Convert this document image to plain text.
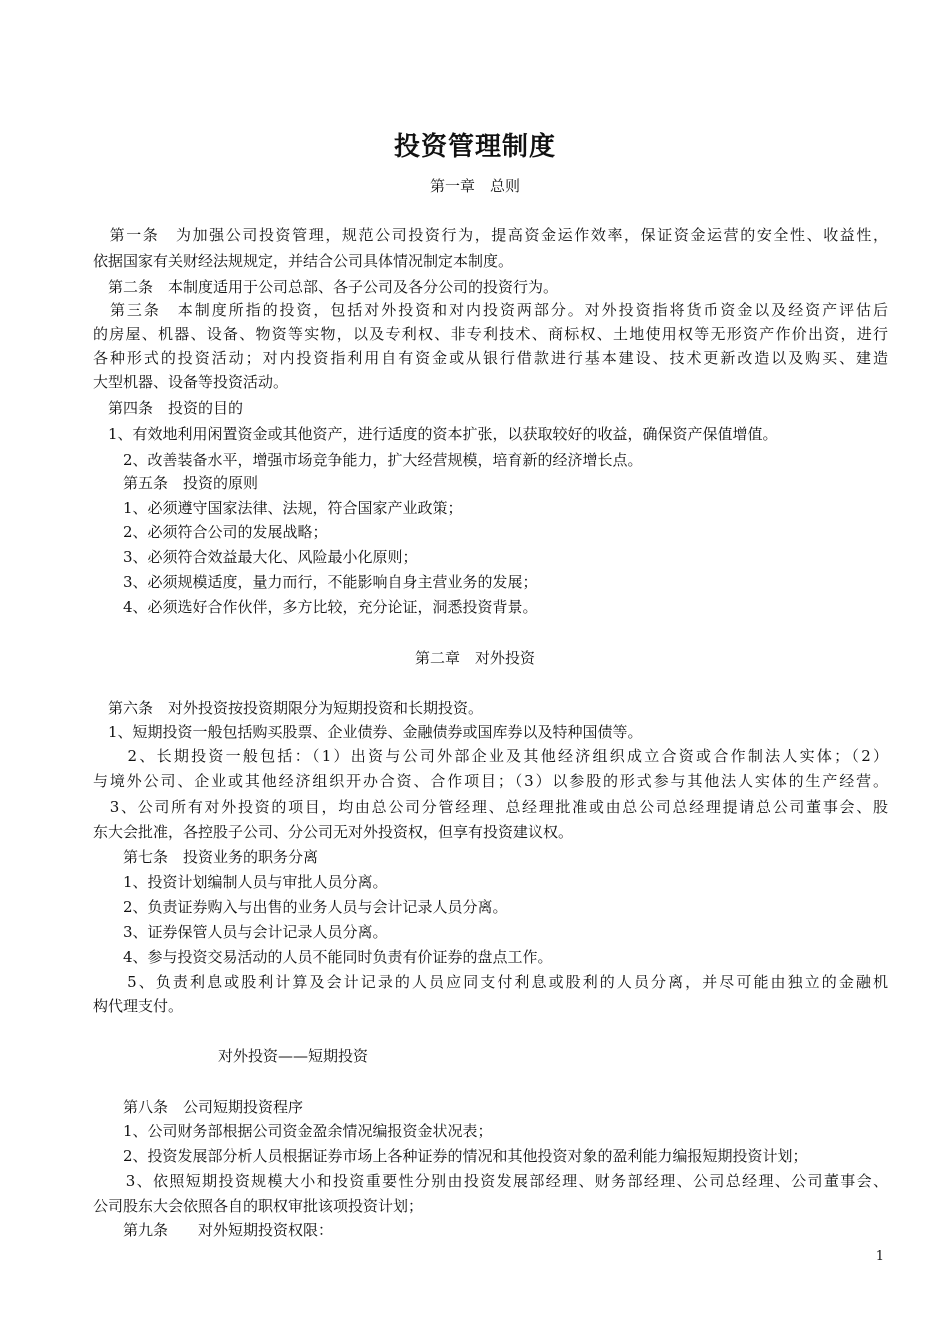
投资管理制度
第一章　总则
　第一条　为加强公司投资管理，规范公司投资行为，提高资金运作效率，保证资金运营的安全性、收益性，
依据国家有关财经法规规定，并结合公司具体情况制定本制度。
　第二条　本制度适用于公司总部、各子公司及各分公司的投资行为。
　第三条　本制度所指的投资，包括对外投资和对内投资两部分。对外投资指将货币资金以及经资产评估后
的房屋、机器、设备、物资等实物，以及专利权、非专利技术、商标权、土地使用权等无形资产作价出资，进行
各种形式的投资活动；对内投资指利用自有资金或从银行借款进行基本建设、技术更新改造以及购买、建造
大型机器、设备等投资活动。
　第四条　投资的目的
　1、有效地利用闲置资金或其他资产，进行适度的资本扩张，以获取较好的收益，确保资产保值增值。
　　2、改善装备水平，增强市场竞争能力，扩大经营规模，培育新的经济增长点。
　　第五条　投资的原则
　　1、必须遵守国家法律、法规，符合国家产业政策；
　　2、必须符合公司的发展战略；
　　3、必须符合效益最大化、风险最小化原则；
　　3、必须规模适度，量力而行，不能影响自身主营业务的发展；
　　4、必须选好合作伙伴，多方比较，充分论证，洞悉投资背景。
第二章　对外投资
　第六条　对外投资按投资期限分为短期投资和长期投资。
　1、短期投资一般包括购买股票、企业债券、金融债券或国库券以及特种国债等。
　　2、长期投资一般包括：（1）出资与公司外部企业及其他经济组织成立合资或合作制法人实体；（2）
与境外公司、企业或其他经济组织开办合资、合作项目；（3）以参股的形式参与其他法人实体的生产经营。
　3、公司所有对外投资的项目，均由总公司分管经理、总经理批准或由总公司总经理提请总公司董事会、股
东大会批准，各控股子公司、分公司无对外投资权，但享有投资建议权。
　　第七条　投资业务的职务分离
　　1、投资计划编制人员与审批人员分离。
　　2、负责证券购入与出售的业务人员与会计记录人员分离。
　　3、证券保管人员与会计记录人员分离。
　　4、参与投资交易活动的人员不能同时负责有价证券的盘点工作。
　　5、负责利息或股利计算及会计记录的人员应同支付利息或股利的人员分离，并尽可能由独立的金融机
构代理支付。
对外投资——短期投资
　　第八条　公司短期投资程序
　　1、公司财务部根据公司资金盈余情况编报资金状况表；
　　2、投资发展部分析人员根据证券市场上各种证券的情况和其他投资对象的盈利能力编报短期投资计划；
　　3、依照短期投资规模大小和投资重要性分别由投资发展部经理、财务部经理、公司总经理、公司董事会、
公司股东大会依照各自的职权审批该项投资计划；
　　第九条　　对外短期投资权限：
1
